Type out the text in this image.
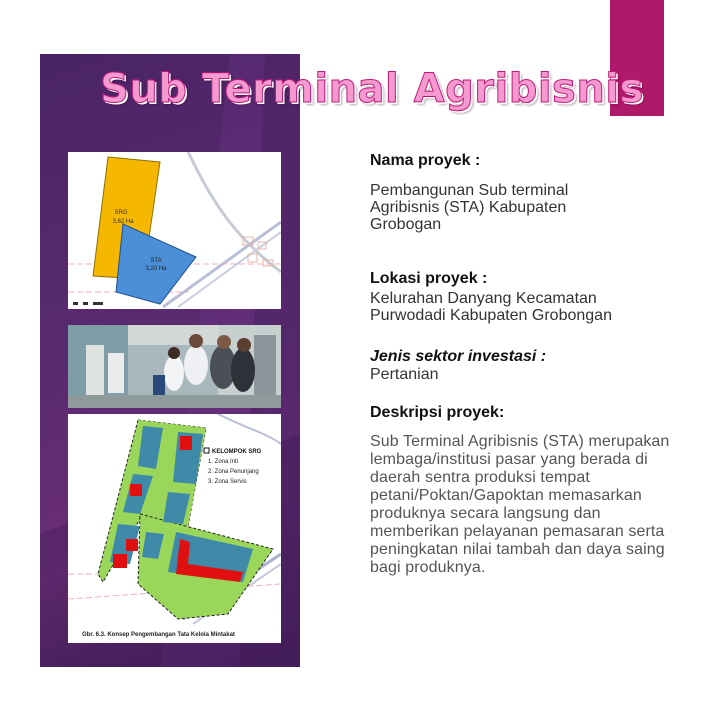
Sub Terminal Agribisnis
SRG
3,62 Ha
STA
3,20 Ha
KELOMPOK SRG
1. Zona Inti
2. Zona Penunjang
3. Zona Servis
Gbr. 6.3. Konsep Pengembangan Tata Kelola Mintakat

Nama proyek :

Pembangunan Sub terminal Agribisnis (STA) Kabupaten Grobogan

Lokasi proyek :

Kelurahan Danyang Kecamatan Purwodadi Kabupaten Grobongan

Jenis sektor investasi :

Pertanian

Deskripsi proyek:

Sub Terminal Agribisnis (STA) merupakan lembaga/institusi pasar yang berada di daerah sentra produksi tempat petani/Poktan/Gapoktan memasarkan produknya secara langsung dan memberikan pelayanan pemasaran serta peningkatan nilai tambah dan daya saing bagi produknya.
